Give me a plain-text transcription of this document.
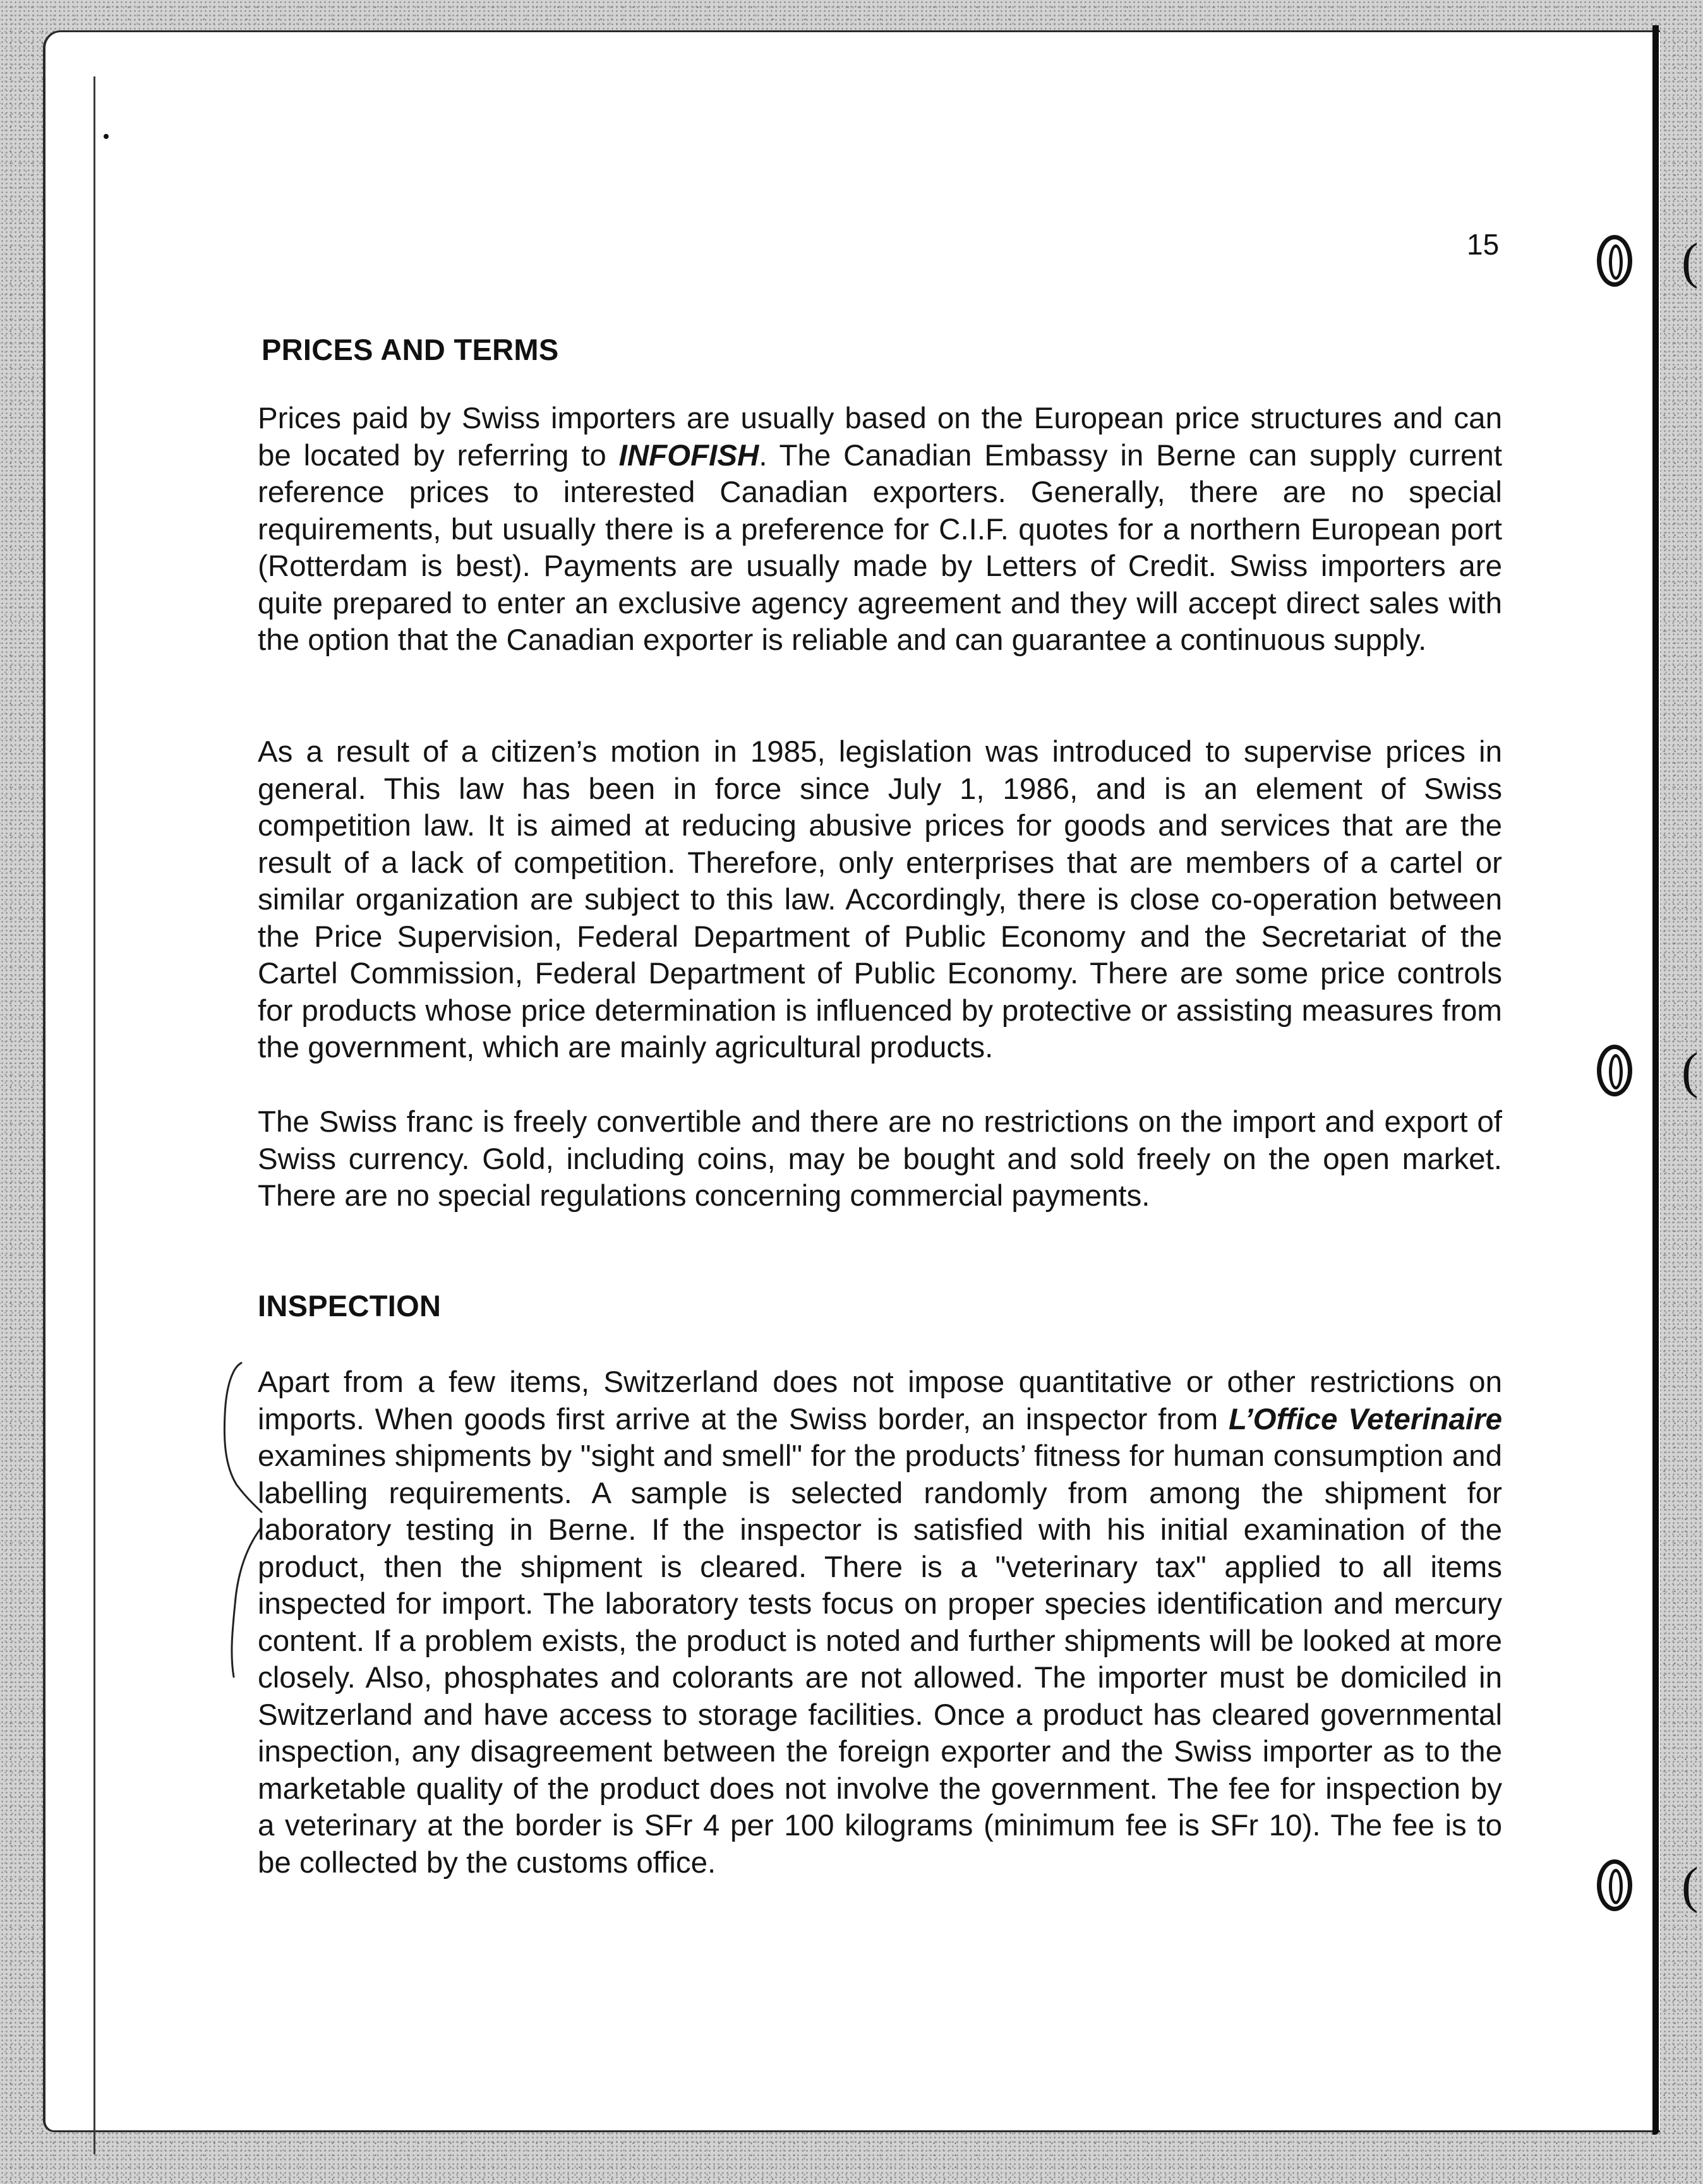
(
(
(
15
PRICES AND TERMS

Prices paid by Swiss importers are usually based on the European price structures and can be located by referring to INFOFISH. The Canadian Embassy in Berne can supply current reference prices to interested Canadian exporters. Generally, there are no special requirements, but usually there is a preference for C.I.F. quotes for a northern European port (Rotterdam is best). Payments are usually made by Letters of Credit. Swiss importers are quite prepared to enter an exclusive agency agreement and they will accept direct sales with the option that the Canadian exporter is reliable and can guarantee a continuous supply.

As a result of a citizen’s motion in 1985, legislation was introduced to supervise prices in general. This law has been in force since July 1, 1986, and is an element of Swiss competition law. It is aimed at reducing abusive prices for goods and services that are the result of a lack of competition. Therefore, only enterprises that are members of a cartel or similar organization are subject to this law. Accordingly, there is close co-operation between the Price Supervision, Federal Department of Public Economy and the Secretariat of the Cartel Commission, Federal Department of Public Economy. There are some price controls for products whose price determination is influenced by protective or assisting measures from the government, which are mainly agricultural products.

The Swiss franc is freely convertible and there are no restrictions on the import and export of Swiss currency. Gold, including coins, may be bought and sold freely on the open market. There are no special regulations concerning commercial payments.

INSPECTION

Apart from a few items, Switzerland does not impose quantitative or other restrictions on imports. When goods first arrive at the Swiss border, an inspector from L’Office Veterinaire examines shipments by "sight and smell" for the products’ fitness for human consumption and labelling requirements. A sample is selected randomly from among the shipment for laboratory testing in Berne. If the inspector is satisfied with his initial examination of the product, then the shipment is cleared. There is a "veterinary tax" applied to all items inspected for import. The laboratory tests focus on proper species identification and mercury content. If a problem exists, the product is noted and further shipments will be looked at more closely. Also, phosphates and colorants are not allowed. The importer must be domiciled in Switzerland and have access to storage facilities. Once a product has cleared governmental inspection, any disagreement between the foreign exporter and the Swiss importer as to the marketable quality of the product does not involve the government. The fee for inspection by a veterinary at the border is SFr 4 per 100 kilograms (minimum fee is SFr 10). The fee is to be collected by the customs office.
